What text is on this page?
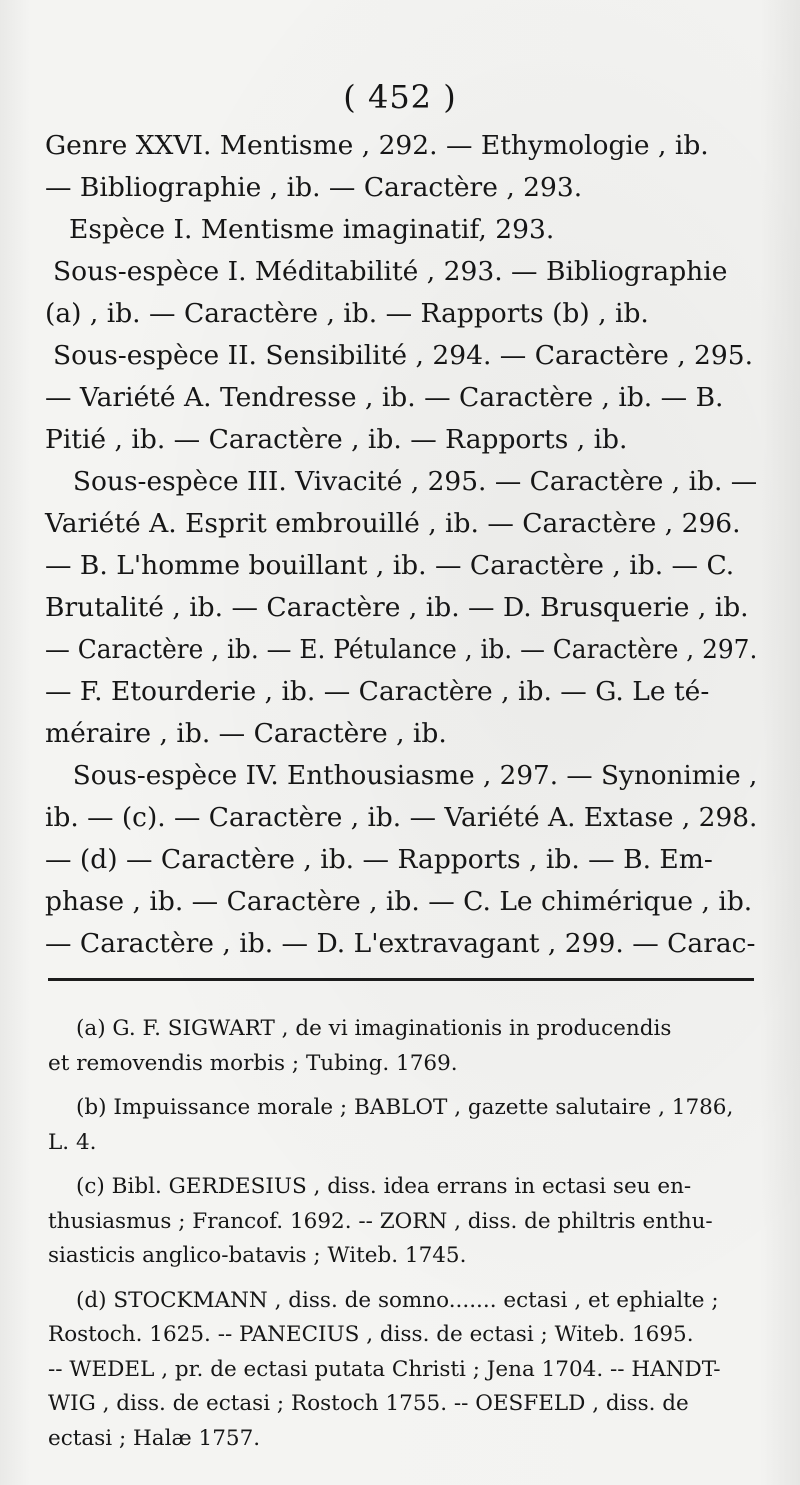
( 452 )
Genre XXVI. Mentisme , 292. — Ethymologie , ib.
— Bibliographie , ib. — Caractère , 293.
Espèce I. Mentisme imaginatif, 293.
Sous-espèce I. Méditabilité , 293. — Bibliographie
(a) , ib. — Caractère , ib. — Rapports (b) , ib.
Sous-espèce II. Sensibilité , 294. — Caractère , 295.
— Variété A. Tendresse , ib. — Caractère , ib. — B.
Pitié , ib. — Caractère , ib. — Rapports , ib.
Sous-espèce III. Vivacité , 295. — Caractère , ib. —
Variété A. Esprit embrouillé , ib. — Caractère , 296.
— B. L'homme bouillant , ib. — Caractère , ib. — C.
Brutalité , ib. — Caractère , ib. — D. Brusquerie , ib.
— Caractère , ib. — E. Pétulance , ib. — Caractère , 297.
— F. Etourderie , ib. — Caractère , ib. — G. Le té-
méraire , ib. — Caractère , ib.
Sous-espèce IV. Enthousiasme , 297. — Synonimie ,
ib. — (c). — Caractère , ib. — Variété A. Extase , 298.
— (d) — Caractère , ib. — Rapports , ib. — B. Em-
phase , ib. — Caractère , ib. — C. Le chimérique , ib.
— Caractère , ib. — D. L'extravagant , 299. — Carac-
(a) G. F. SIGWART , de vi imaginationis in producendis
et removendis morbis ; Tubing. 1769.
(b) Impuissance morale ; BABLOT , gazette salutaire , 1786,
L. 4.
(c) Bibl. GERDESIUS , diss. idea errans in ectasi seu en-
thusiasmus ; Francof. 1692. -- ZORN , diss. de philtris enthu-
siasticis anglico-batavis ; Witeb. 1745.
(d) STOCKMANN , diss. de somno....... ectasi , et ephialte ;
Rostoch. 1625. -- PANECIUS , diss. de ectasi ; Witeb. 1695.
-- WEDEL , pr. de ectasi putata Christi ; Jena 1704. -- HANDT-
WIG , diss. de ectasi ; Rostoch 1755. -- OESFELD , diss. de
ectasi ; Halæ 1757.
